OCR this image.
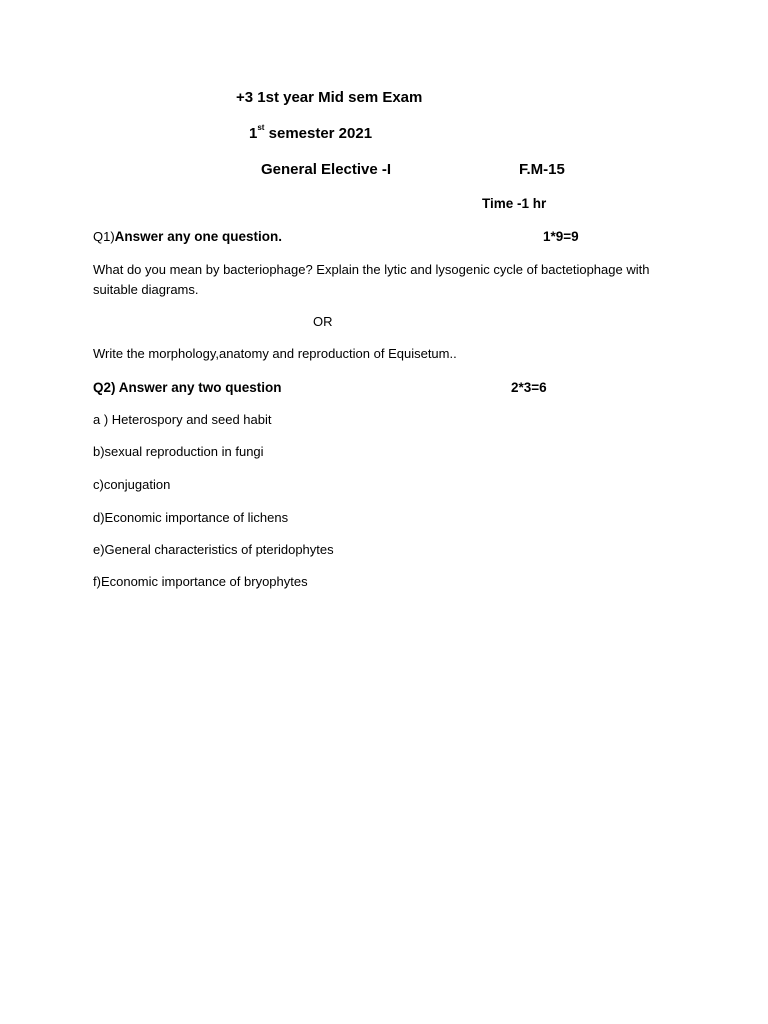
+3 1st year Mid sem Exam

1st semester 2021

General Elective -I	F.M-15

Time -1 hr

Q1)Answer any one question.	1*9=9

What do you mean by bacteriophage? Explain the lytic and lysogenic cycle of bactetiophage with suitable diagrams.

OR

Write the morphology,anatomy and reproduction of Equisetum..

Q2) Answer any two question	2*3=6

a ) Heterospory and seed habit

b)sexual reproduction in fungi

c)conjugation

d)Economic importance of lichens

e)General characteristics of pteridophytes

f)Economic importance of bryophytes
